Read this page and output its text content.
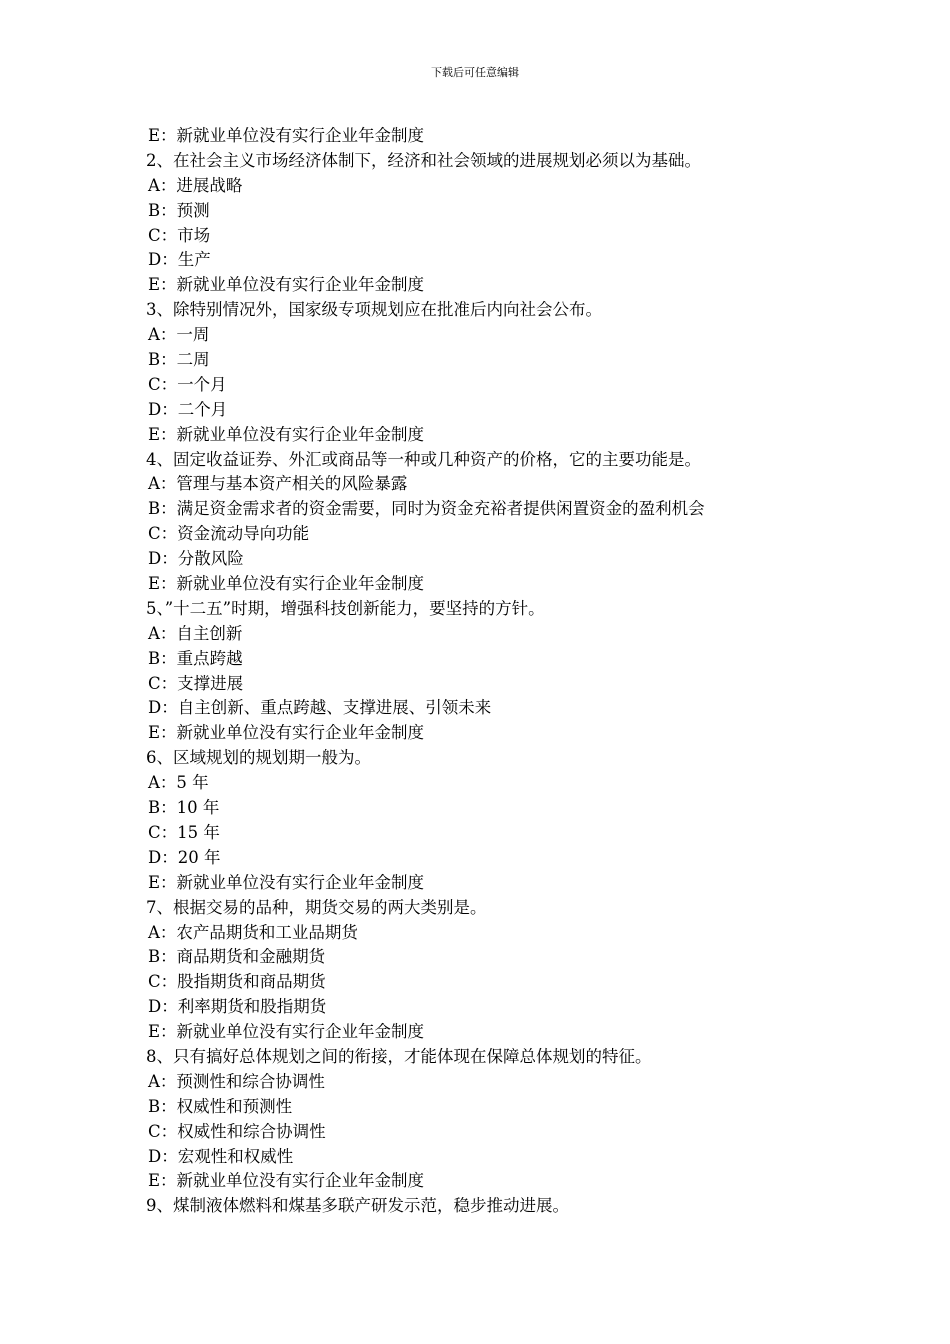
下载后可任意编辑
E：新就业单位没有实行企业年金制度
2、在社会主义市场经济体制下，经济和社会领域的进展规划必须以为基础。
A：进展战略
B：预测
C：市场
D：生产
E：新就业单位没有实行企业年金制度
3、除特别情况外，国家级专项规划应在批准后内向社会公布。
A：一周
B：二周
C：一个月
D：二个月
E：新就业单位没有实行企业年金制度
4、固定收益证券、外汇或商品等一种或几种资产的价格，它的主要功能是。
A：管理与基本资产相关的风险暴露
B：满足资金需求者的资金需要，同时为资金充裕者提供闲置资金的盈利机会
C：资金流动导向功能
D：分散风险
E：新就业单位没有实行企业年金制度
5、”十二五”时期，增强科技创新能力，要坚持的方针。
A：自主创新
B：重点跨越
C：支撑进展
D：自主创新、重点跨越、支撑进展、引领未来
E：新就业单位没有实行企业年金制度
6、区域规划的规划期一般为。
A：5 年
B：10 年
C：15 年
D：20 年
E：新就业单位没有实行企业年金制度
7、根据交易的品种，期货交易的两大类别是。
A：农产品期货和工业品期货
B：商品期货和金融期货
C：股指期货和商品期货
D：利率期货和股指期货
E：新就业单位没有实行企业年金制度
8、只有搞好总体规划之间的衔接，才能体现在保障总体规划的特征。
A：预测性和综合协调性
B：权威性和预测性
C：权威性和综合协调性
D：宏观性和权威性
E：新就业单位没有实行企业年金制度
9、煤制液体燃料和煤基多联产研发示范，稳步推动进展。
